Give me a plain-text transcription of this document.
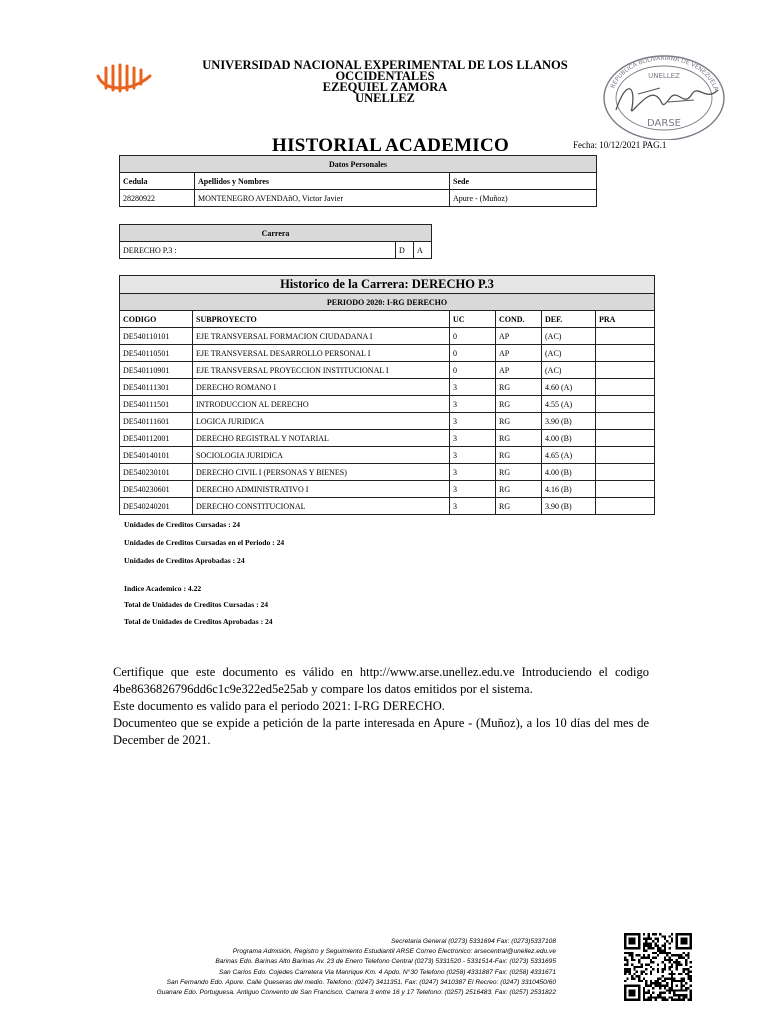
UNIVERSIDAD NACIONAL EXPERIMENTAL DE LOS LLANOS OCCIDENTALES
EZEQUIEL ZAMORA
UNELLEZ
REPUBLICA BOLIVARIANA DE VENEZUELA
UNELLEZ
DARSE
HISTORIAL ACADEMICO	Fecha: 10/12/2021 PAG.1
Datos Personales		
Cedula	Apellidos y Nombres	Sede
28280922	MONTENEGRO AVENDAñO, Victor Javier	Apure - (Muñoz)
Carrera
DERECHO P.3 :	D	A
Historico de la Carrera: DERECHO P.3					
PERIODO 2020: I-RG DERECHO					
CODIGO	SUBPROYECTO	UC	COND.	DEF.	PRA
DE540110101	EJE TRANSVERSAL FORMACION CIUDADANA I	0	AP	(AC)	
DE540110501	EJE TRANSVERSAL DESARROLLO PERSONAL I	0	AP	(AC)	
DE540110901	EJE TRANSVERSAL PROYECCION INSTITUCIONAL I	0	AP	(AC)	
DE540111301	DERECHO ROMANO I	3	RG	4.60 (A)	
DE540111501	INTRODUCCION AL DERECHO	3	RG	4.55 (A)	
DE540111601	LOGICA JURIDICA	3	RG	3.90 (B)	
DE540112001	DERECHO REGISTRAL Y NOTARIAL	3	RG	4.00 (B)	
DE540140101	SOCIOLOGIA JURIDICA	3	RG	4.65 (A)	
DE540230101	DERECHO CIVIL I (PERSONAS Y BIENES)	3	RG	4.00 (B)	
DE540230601	DERECHO ADMINISTRATIVO I	3	RG	4.16 (B)	
DE540240201	DERECHO CONSTITUCIONAL	3	RG	3.90 (B)	
Unidades de Creditos Cursadas : 24
Unidades de Creditos Cursadas en el Periodo : 24
Unidades de Creditos Aprobadas : 24
Indice Academico : 4.22
Total de Unidades de Creditos Cursadas : 24
Total de Unidades de Creditos Aprobadas : 24

Certifique que este documento es válido en http://www.arse.unellez.edu.ve Introduciendo el codigo 4be8636826796dd6c1c9e322ed5e25ab y compare los datos emitidos por el sistema.

Este documento es valido para el periodo 2021: I-RG DERECHO.

Documenteo que se expide a petición de la parte interesada en Apure - (Muñoz), a los 10 días del mes de December de 2021.

Secretaria General (0273) 5331694 Fax: (0273)5337108
Programa Admisión, Registro y Seguimiento Estudiantil ARSE Correo Electronico: arsecentral@unellez.edu.ve
Barinas Edo. Barinas Alto Barinas Av. 23 de Enero Telefono Central (0273) 5331520 - 5331514-Fax: (0273) 5331695
San Carlos Edo. Cojedes Carretera Via Manrique Km. 4 Apdo. N°30 Telefono (0258) 4331887 Fax: (0258) 4331671
San Fernando Edo. Apure. Calle Queseras del medio. Telefono: (0247) 3411351. Fax: (0247) 3410387 El Recreo: (0247) 3310450/60
Guanare Edo. Portuguesa. Antiguo Convento de San Francisco. Carrera 3 entre 16 y 17 Telefono: (0257) 2516483. Fax: (0257) 2531822
